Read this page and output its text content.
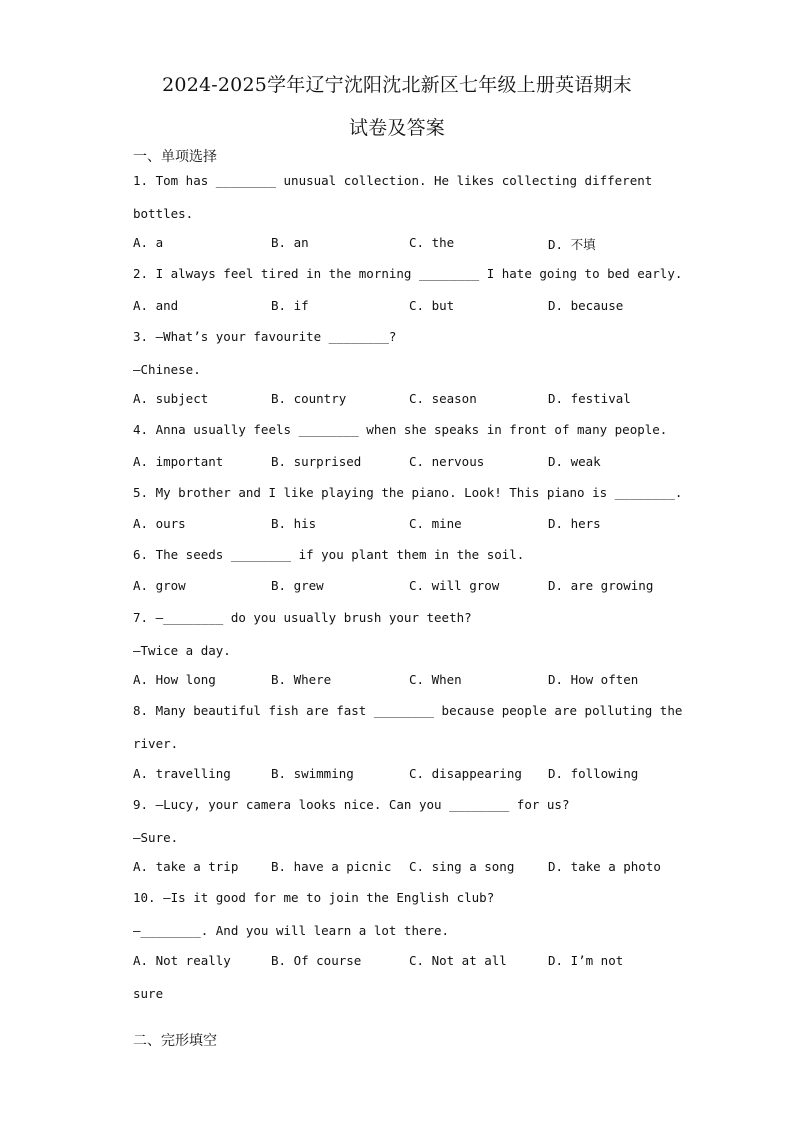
2024-2025学年辽宁沈阳沈北新区七年级上册英语期末
试卷及答案
一、单项选择
1. Tom has ________ unusual collection. He likes collecting different
bottles.
A. a	B. an	C. the	D. 不填
2. I always feel tired in the morning ________ I hate going to bed early.
A. and	B. if	C. but	D. because
3. —What’s your favourite ________?
—Chinese.
A. subject	B. country	C. season	D. festival
4. Anna usually feels ________ when she speaks in front of many people.
A. important	B. surprised	C. nervous	D. weak
5. My brother and I like playing the piano. Look! This piano is ________.
A. ours	B. his	C. mine	D. hers
6. The seeds ________ if you plant them in the soil.
A. grow	B. grew	C. will grow	D. are growing
7. —________ do you usually brush your teeth?
—Twice a day.
A. How long	B. Where	C. When	D. How often
8. Many beautiful fish are fast ________ because people are polluting the
river.
A. travelling	B. swimming	C. disappearing D. following
9. —Lucy, your camera looks nice. Can you ________ for us?
—Sure.
A. take a trip	B. have a picnic C. sing a song	D. take a photo
10. —Is it good for me to join the English club?
—________. And you will learn a lot there.
A. Not really	B. Of course	C. Not at all	D. I’m not
sure
二、完形填空
